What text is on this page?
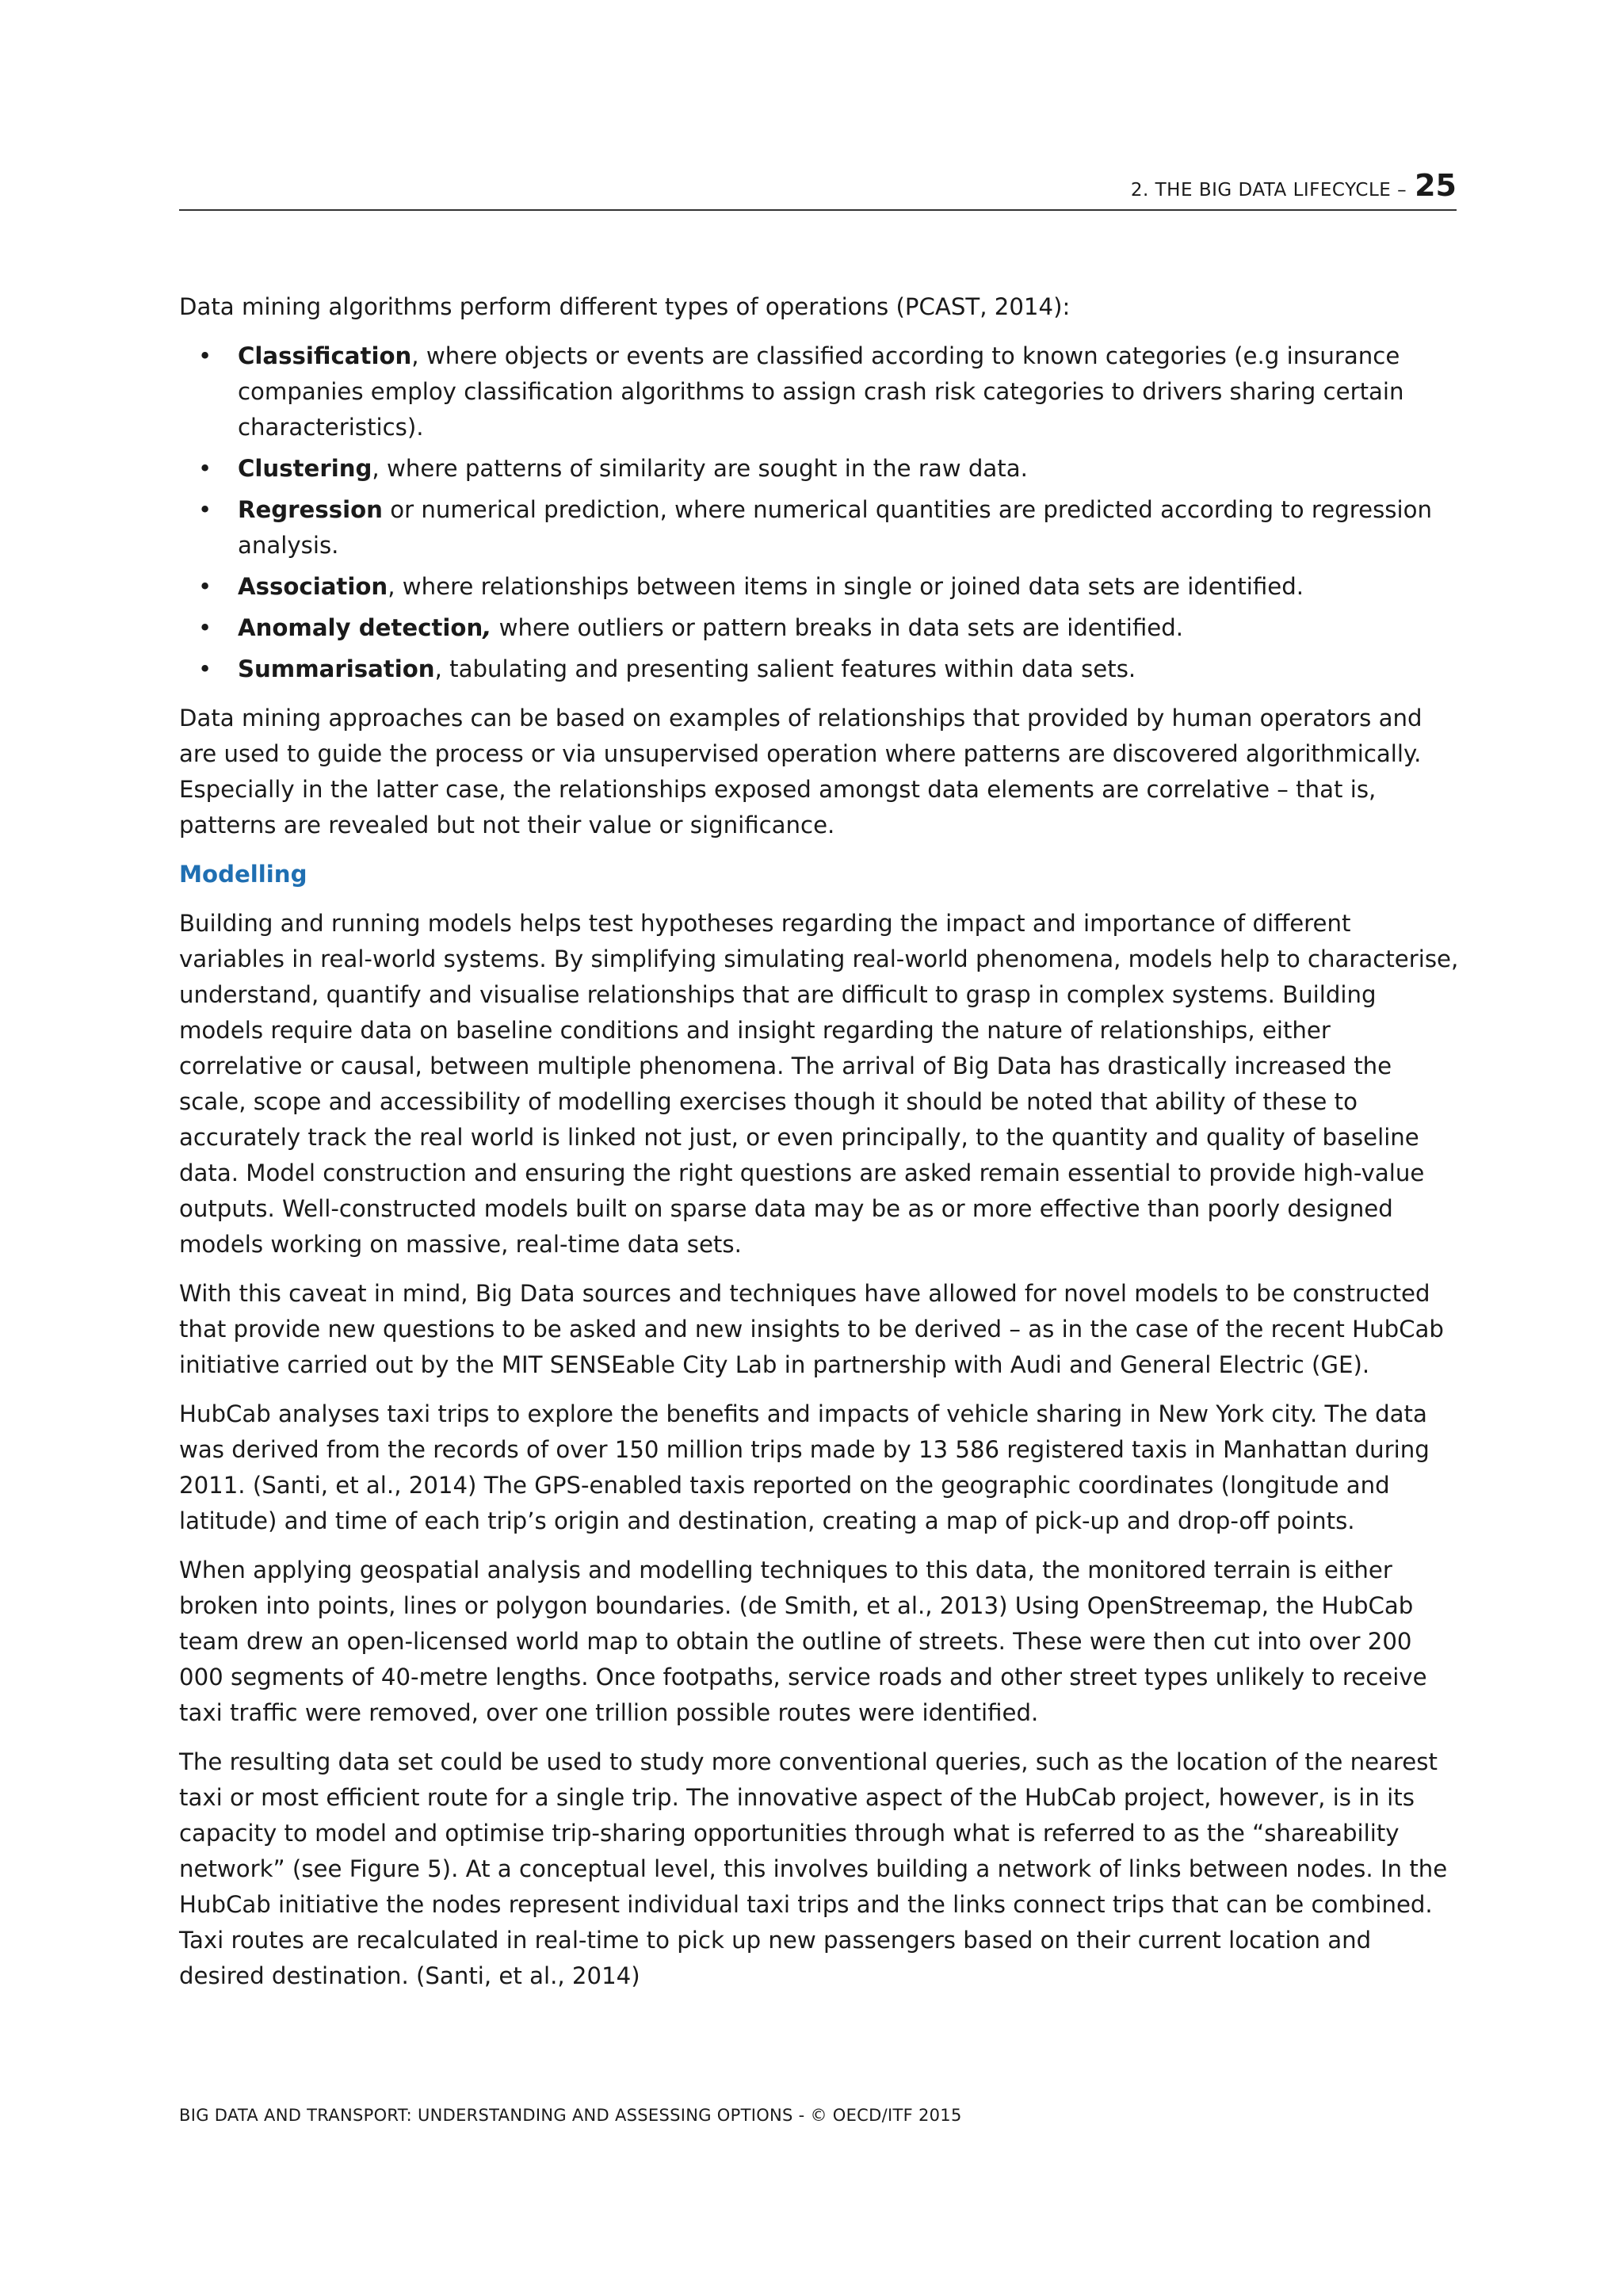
2. THE BIG DATA LIFECYCLE – 25

Data mining algorithms perform different types of operations (PCAST, 2014):

• Classification, where objects or events are classified according to known categories (e.g insurance companies employ classification algorithms to assign crash risk categories to drivers sharing certain characteristics).
• Clustering, where patterns of similarity are sought in the raw data.
• Regression or numerical prediction, where numerical quantities are predicted according to regression analysis.
• Association, where relationships between items in single or joined data sets are identified.
• Anomaly detection, where outliers or pattern breaks in data sets are identified.
• Summarisation, tabulating and presenting salient features within data sets.

Data mining approaches can be based on examples of relationships that provided by human operators and are used to guide the process or via unsupervised operation where patterns are discovered algorithmically. Especially in the latter case, the relationships exposed amongst data elements are correlative – that is, patterns are revealed but not their value or significance.

Modelling

Building and running models helps test hypotheses regarding the impact and importance of different variables in real-world systems. By simplifying simulating real-world phenomena, models help to characterise, understand, quantify and visualise relationships that are difficult to grasp in complex systems. Building models require data on baseline conditions and insight regarding the nature of relationships, either correlative or causal, between multiple phenomena. The arrival of Big Data has drastically increased the scale, scope and accessibility of modelling exercises though it should be noted that ability of these to accurately track the real world is linked not just, or even principally, to the quantity and quality of baseline data. Model construction and ensuring the right questions are asked remain essential to provide high-value outputs. Well-constructed models built on sparse data may be as or more effective than poorly designed models working on massive, real-time data sets.

With this caveat in mind, Big Data sources and techniques have allowed for novel models to be constructed that provide new questions to be asked and new insights to be derived – as in the case of the recent HubCab initiative carried out by the MIT SENSEable City Lab in partnership with Audi and General Electric (GE).

HubCab analyses taxi trips to explore the benefits and impacts of vehicle sharing in New York city. The data was derived from the records of over 150 million trips made by 13 586 registered taxis in Manhattan during 2011. (Santi, et al., 2014) The GPS-enabled taxis reported on the geographic coordinates (longitude and latitude) and time of each trip’s origin and destination, creating a map of pick-up and drop-off points.

When applying geospatial analysis and modelling techniques to this data, the monitored terrain is either broken into points, lines or polygon boundaries. (de Smith, et al., 2013) Using OpenStreemap, the HubCab team drew an open-licensed world map to obtain the outline of streets. These were then cut into over 200 000 segments of 40-metre lengths. Once footpaths, service roads and other street types unlikely to receive taxi traffic were removed, over one trillion possible routes were identified.

The resulting data set could be used to study more conventional queries, such as the location of the nearest taxi or most efficient route for a single trip. The innovative aspect of the HubCab project, however, is in its capacity to model and optimise trip-sharing opportunities through what is referred to as the “shareability network” (see Figure 5). At a conceptual level, this involves building a network of links between nodes. In the HubCab initiative the nodes represent individual taxi trips and the links connect trips that can be combined. Taxi routes are recalculated in real-time to pick up new passengers based on their current location and desired destination. (Santi, et al., 2014)

BIG DATA AND TRANSPORT: UNDERSTANDING AND ASSESSING OPTIONS - © OECD/ITF 2015
